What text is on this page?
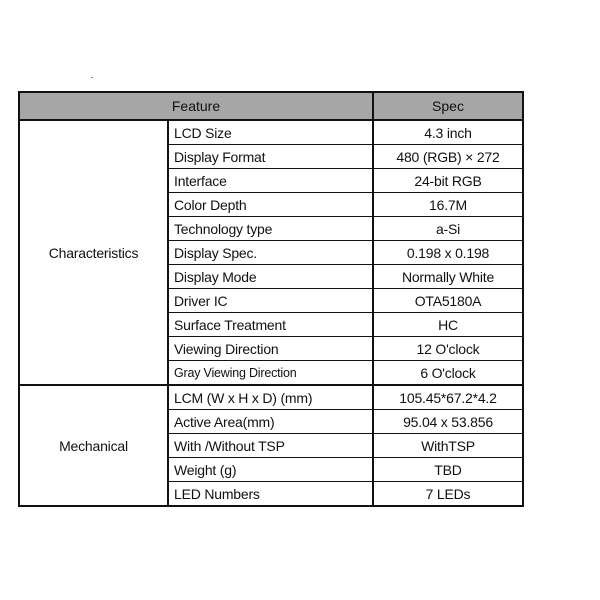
Feature		Spec
Characteristics	LCD Size	4.3 inch
	Display Format	480 (RGB) × 272
	Interface	24-bit RGB
	Color Depth	16.7M
	Technology type	a-Si
	Display Spec.	0.198 x 0.198
	Display Mode	Normally White
	Driver IC	OTA5180A
	Surface Treatment	HC
	Viewing Direction	12 O'clock
	Gray Viewing Direction	6 O'clock
Mechanical	LCM (W x H x D) (mm)	105.45*67.2*4.2
	Active Area(mm)	95.04 x 53.856
	With /Without TSP	WithTSP
	Weight (g)	TBD
	LED Numbers	7 LEDs
